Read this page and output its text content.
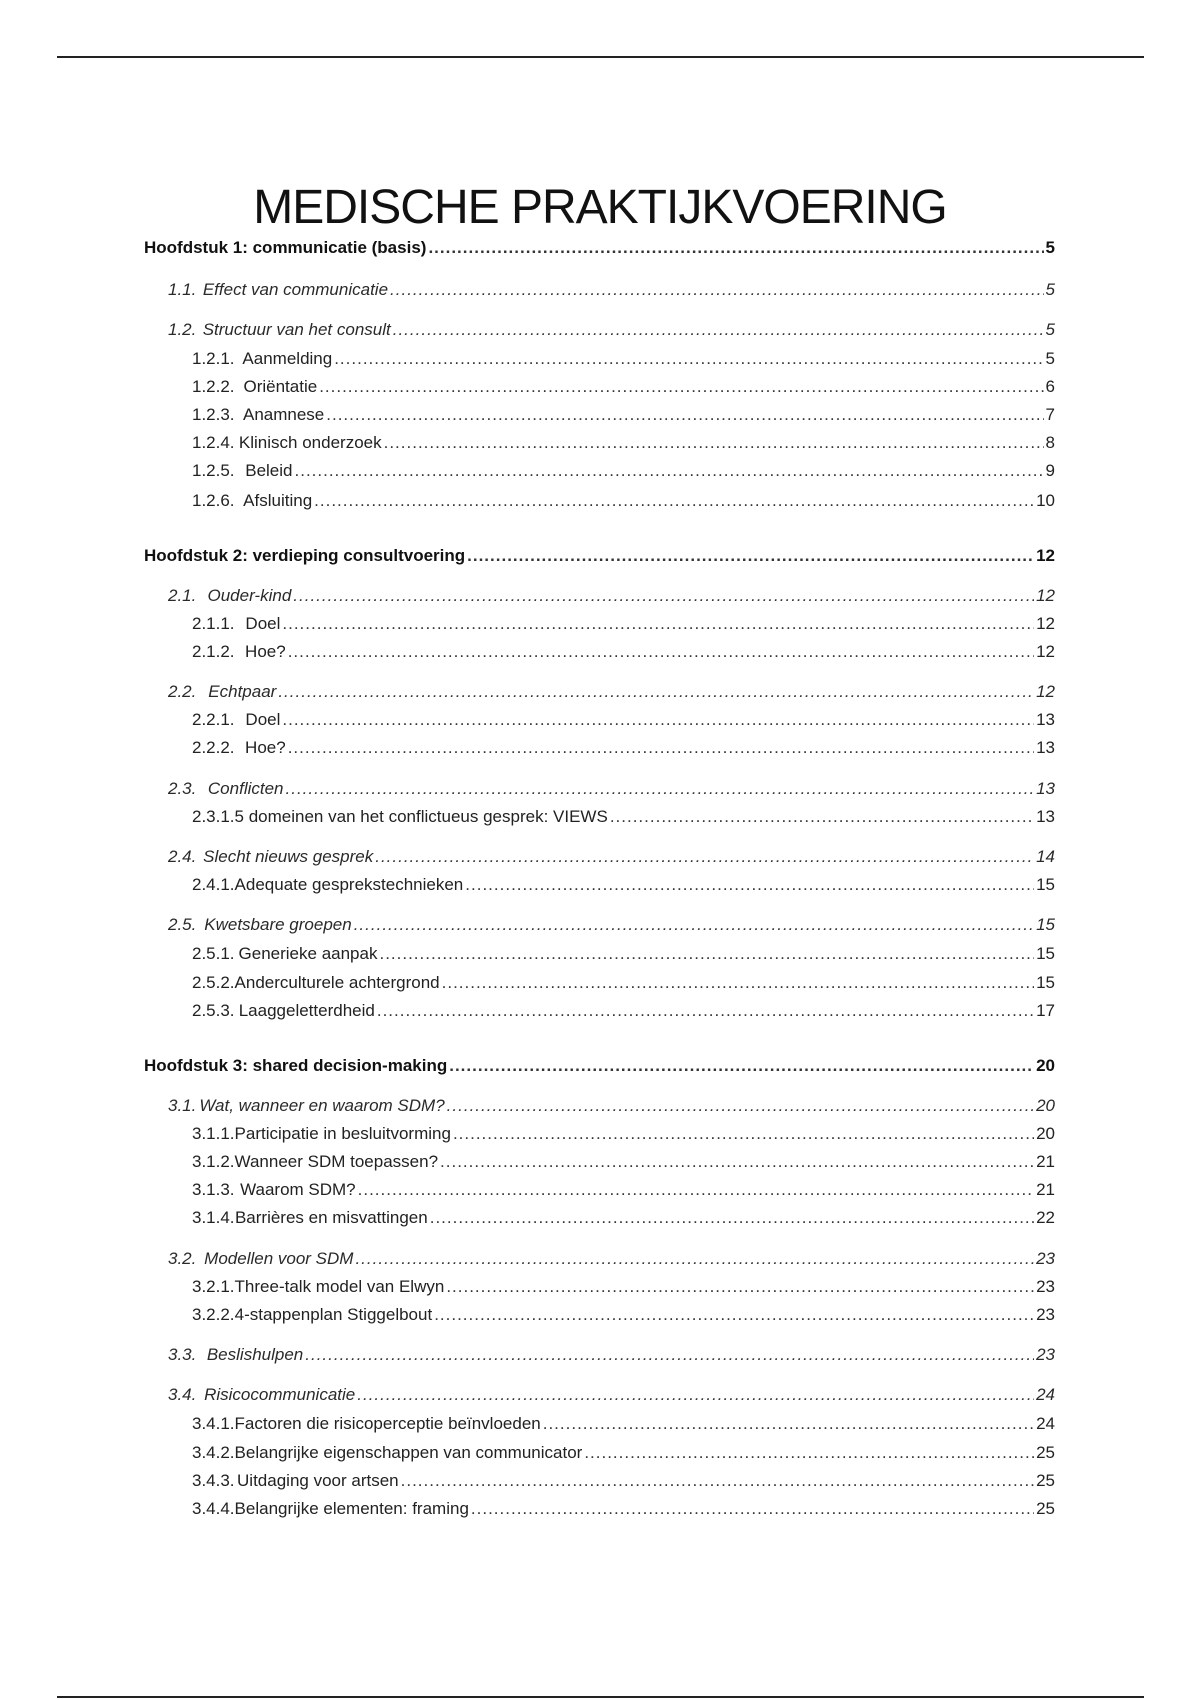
MEDISCHE PRAKTIJKVOERING
Hoofdstuk 1: communicatie (basis) .....	5
1.1. Effect van communicatie .....	5
1.2. Structuur van het consult .....	5
1.2.1. Aanmelding .....	5
1.2.2. Oriëntatie .....	6
1.2.3. Anamnese .....	7
1.2.4. Klinisch onderzoek .....	8
1.2.5. Beleid .....	9
1.2.6. Afsluiting .....	10
Hoofdstuk 2: verdieping consultvoering .....	12
2.1. Ouder-kind .....	12
2.1.1. Doel .....	12
2.1.2. Hoe? .....	12
2.2. Echtpaar .....	12
2.2.1. Doel .....	13
2.2.2. Hoe? .....	13
2.3. Conflicten .....	13
2.3.1. 5 domeinen van het conflictueus gesprek: VIEWS .....	13
2.4. Slecht nieuws gesprek .....	14
2.4.1. Adequate gesprekstechnieken .....	15
2.5. Kwetsbare groepen .....	15
2.5.1. Generieke aanpak .....	15
2.5.2. Anderculturele achtergrond .....	15
2.5.3. Laaggeletterdheid .....	17
Hoofdstuk 3: shared decision-making .....	20
3.1. Wat, wanneer en waarom SDM? .....	20
3.1.1. Participatie in besluitvorming .....	20
3.1.2. Wanneer SDM toepassen? .....	21
3.1.3. Waarom SDM? .....	21
3.1.4. Barrières en misvattingen .....	22
3.2. Modellen voor SDM .....	23
3.2.1. Three-talk model van Elwyn .....	23
3.2.2. 4-stappenplan Stiggelbout .....	23
3.3. Beslishulpen .....	23
3.4. Risicocommunicatie .....	24
3.4.1. Factoren die risicoperceptie beïnvloeden .....	24
3.4.2. Belangrijke eigenschappen van communicator .....	25
3.4.3. Uitdaging voor artsen .....	25
3.4.4. Belangrijke elementen: framing .....	25
